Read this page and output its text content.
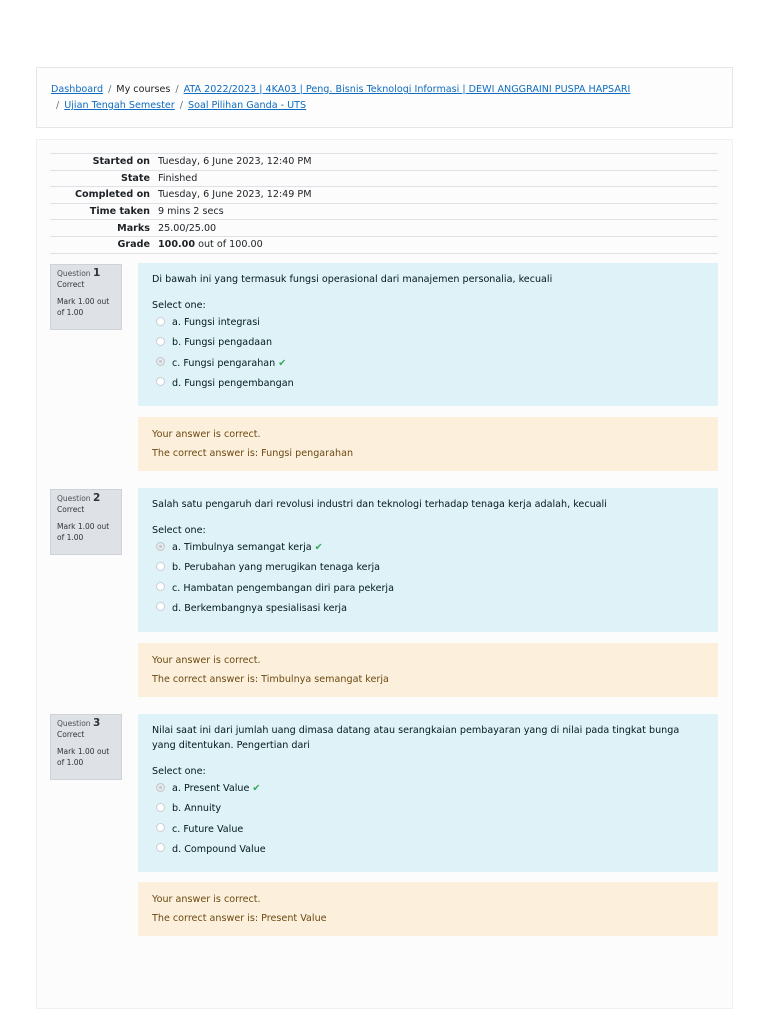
Dashboard / My courses / ATA 2022/2023 | 4KA03 | Peng. Bisnis Teknologi Informasi | DEWI ANGGRAINI PUSPA HAPSARI
/ Ujian Tengah Semester / Soal Pilihan Ganda - UTS
Started on	Tuesday, 6 June 2023, 12:40 PM
State	Finished
Completed on	Tuesday, 6 June 2023, 12:49 PM
Time taken	9 mins 2 secs
Marks	25.00/25.00
Grade	100.00 out of 100.00
Question 1
Correct
Mark 1.00 out of 1.00
Di bawah ini yang termasuk fungsi operasional dari manajemen personalia, kecuali
Select one:
a. Fungsi integrasi
b. Fungsi pengadaan
c. Fungsi pengarahan ✔
d. Fungsi pengembangan
Your answer is correct.
The correct answer is: Fungsi pengarahan
Question 2
Correct
Mark 1.00 out of 1.00
Salah satu pengaruh dari revolusi industri dan teknologi terhadap tenaga kerja adalah, kecuali
Select one:
a. Timbulnya semangat kerja ✔
b. Perubahan yang merugikan tenaga kerja
c. Hambatan pengembangan diri para pekerja
d. Berkembangnya spesialisasi kerja
Your answer is correct.
The correct answer is: Timbulnya semangat kerja
Question 3
Correct
Mark 1.00 out of 1.00
Nilai saat ini dari jumlah uang dimasa datang atau serangkaian pembayaran yang di nilai pada tingkat bunga yang ditentukan. Pengertian dari
Select one:
a. Present Value ✔
b. Annuity
c. Future Value
d. Compound Value
Your answer is correct.
The correct answer is: Present Value
